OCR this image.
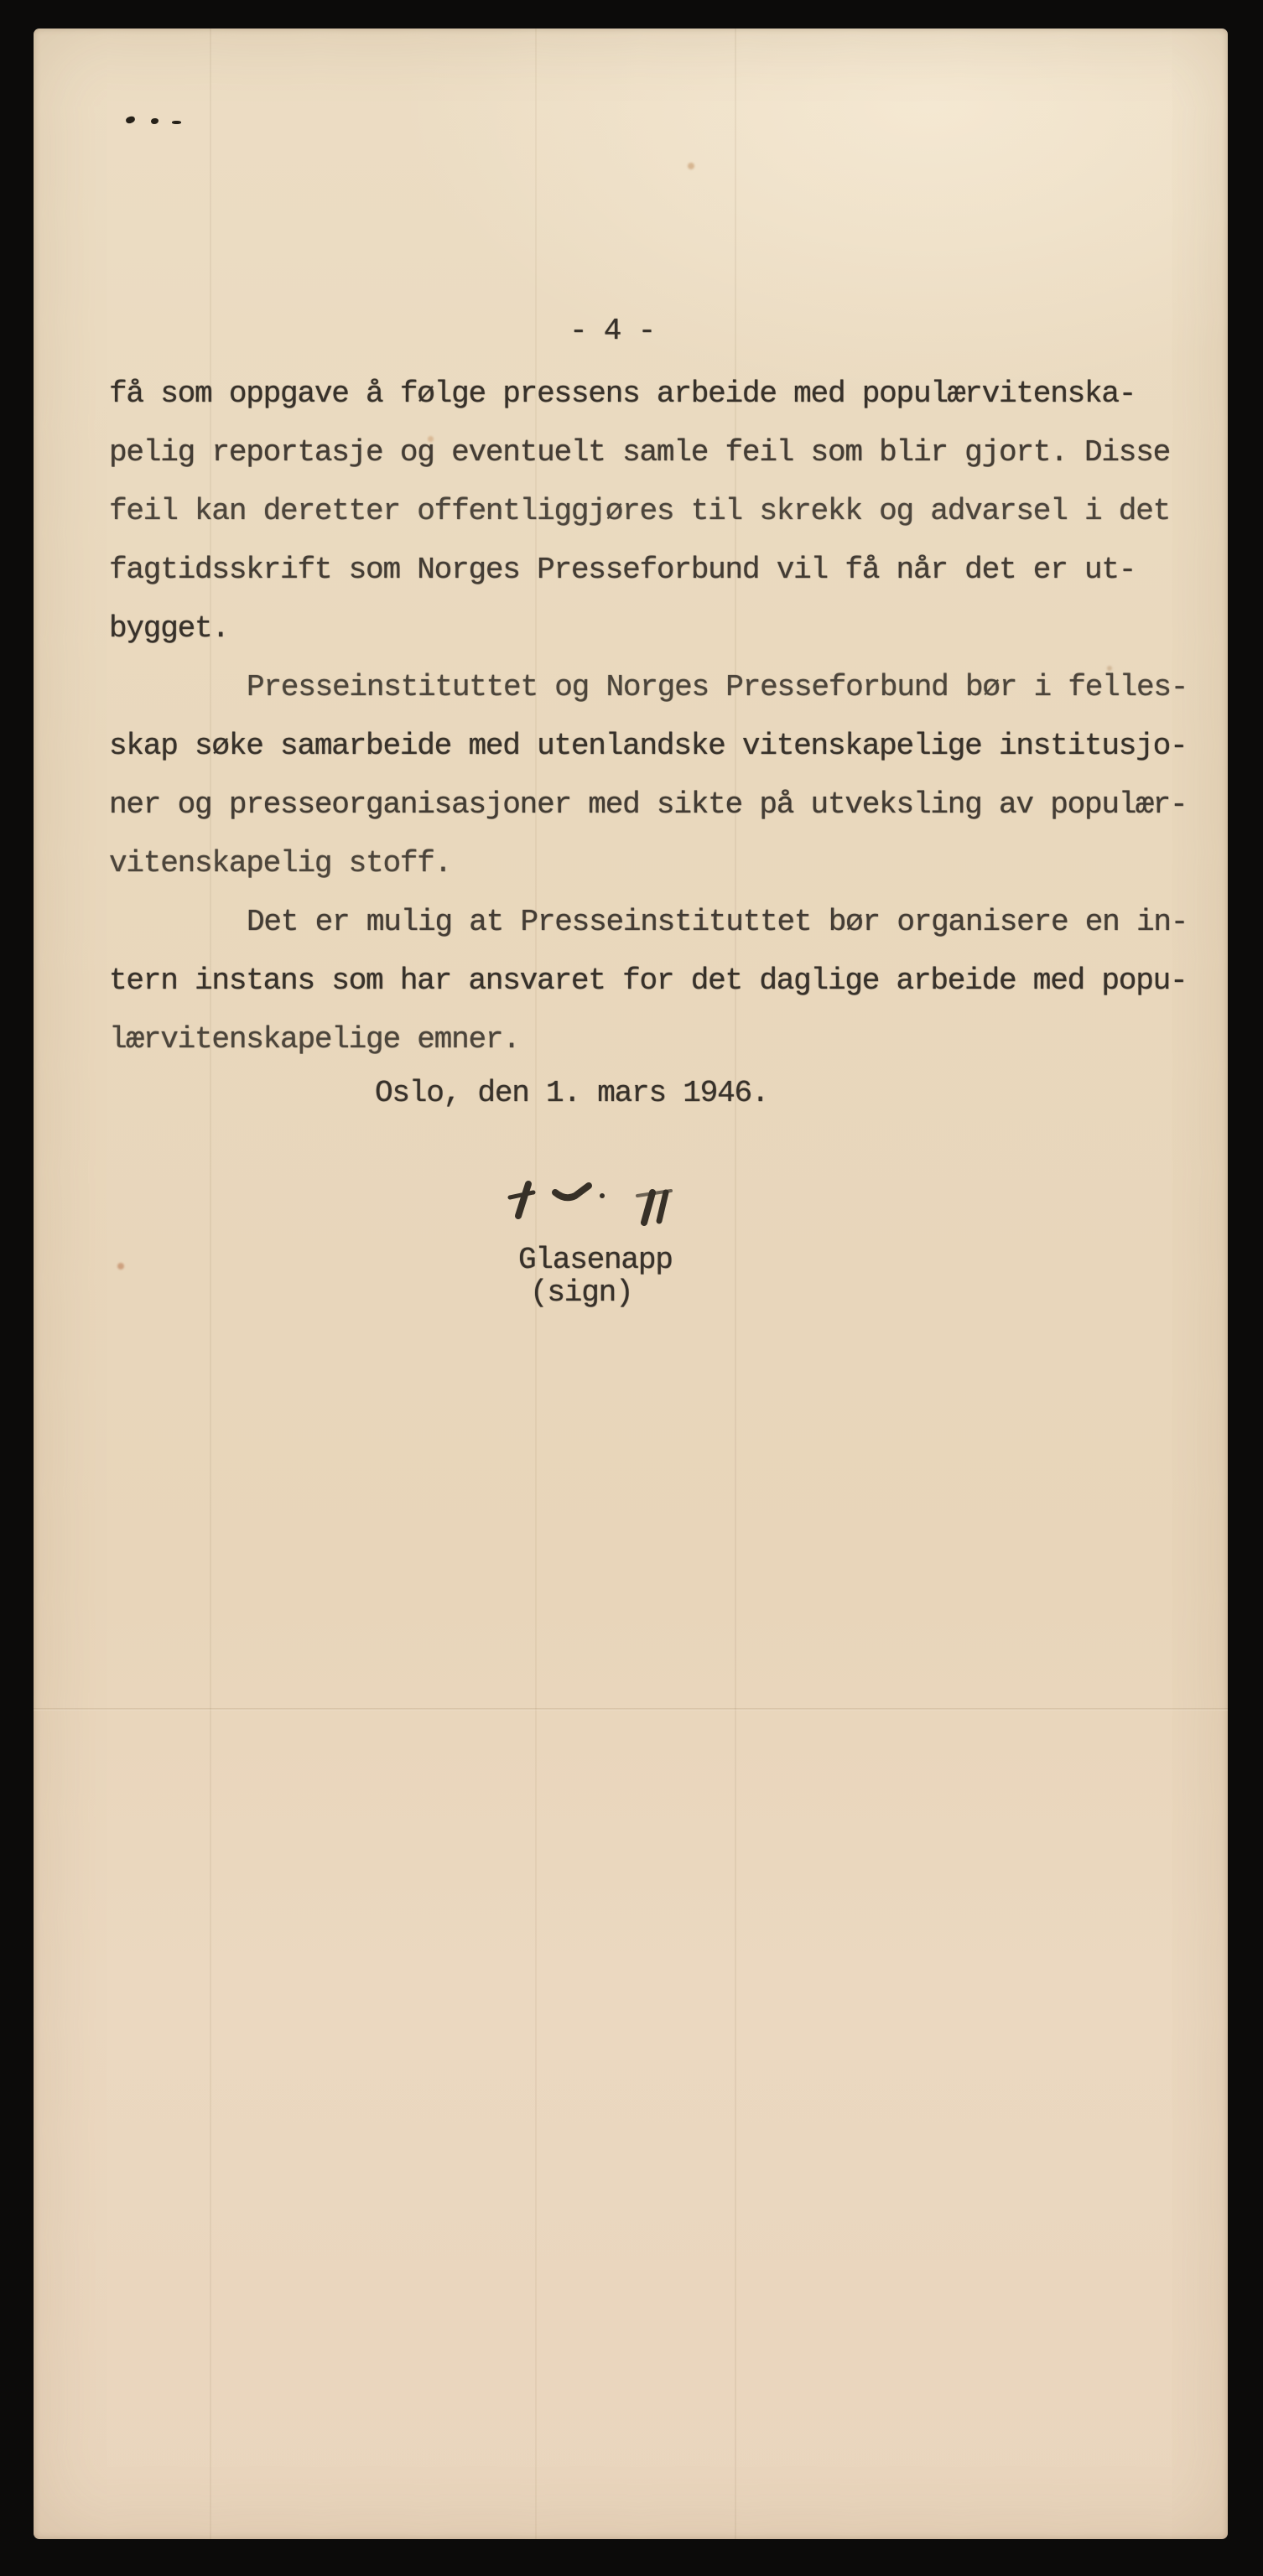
- 4 -
få som oppgave å følge pressens arbeide med populærvitenska-
pelig reportasje og eventuelt samle feil som blir gjort. Disse
feil kan deretter offentliggjøres til skrekk og advarsel i det
fagtidsskrift som Norges Presseforbund vil få når det er ut-
bygget.
Presseinstituttet og Norges Presseforbund bør i felles-
skap søke samarbeide med utenlandske vitenskapelige institusjo-
ner og presseorganisasjoner med sikte på utveksling av populær-
vitenskapelig stoff.
Det er mulig at Presseinstituttet bør organisere en in-
tern instans som har ansvaret for det daglige arbeide med popu-
lærvitenskapelige emner.
Oslo, den 1. mars 1946.
Glasenapp
(sign)
